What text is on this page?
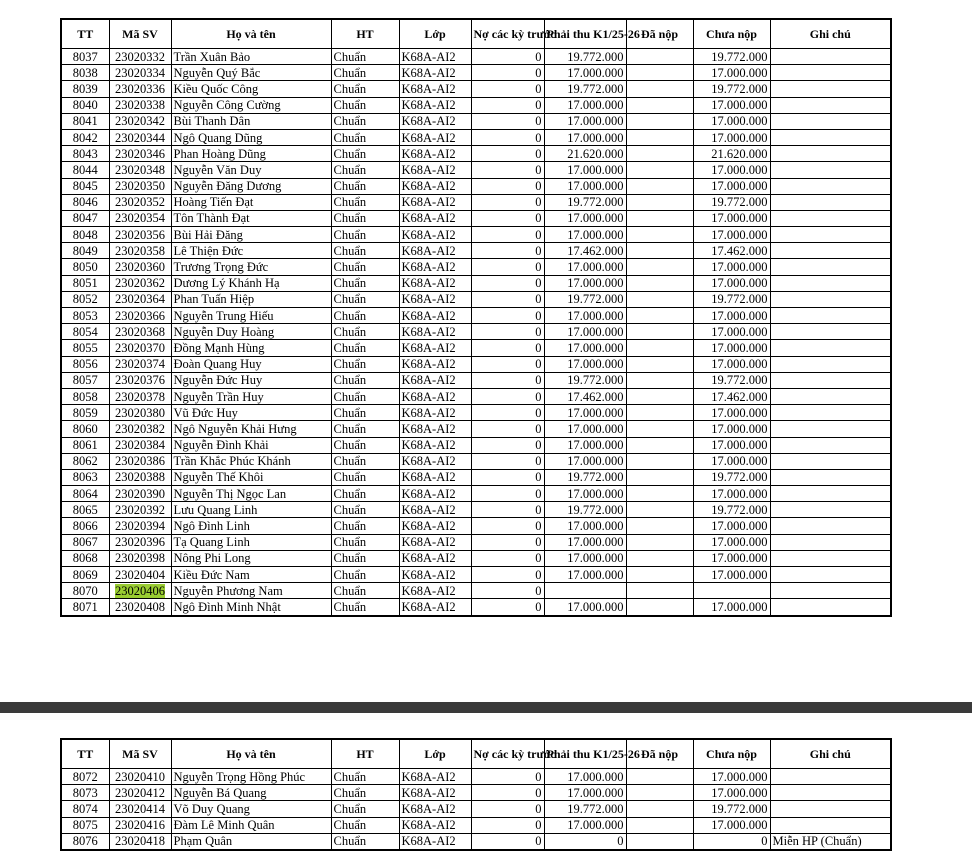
TT	Mã SV	Họ và tên	HT	Lớp	Nợ các kỳ trước	Phải thu K1/25-26	Đã nộp	Chưa nộp	Ghi chú
8037	23020332	Trần Xuân Bảo	Chuẩn	K68A-AI2	0	19.772.000		19.772.000	
8038	23020334	Nguyễn Quý Bắc	Chuẩn	K68A-AI2	0	17.000.000		17.000.000	
8039	23020336	Kiều Quốc Công	Chuẩn	K68A-AI2	0	19.772.000		19.772.000	
8040	23020338	Nguyễn Công Cường	Chuẩn	K68A-AI2	0	17.000.000		17.000.000	
8041	23020342	Bùi Thanh Dân	Chuẩn	K68A-AI2	0	17.000.000		17.000.000	
8042	23020344	Ngô Quang Dũng	Chuẩn	K68A-AI2	0	17.000.000		17.000.000	
8043	23020346	Phan Hoàng Dũng	Chuẩn	K68A-AI2	0	21.620.000		21.620.000	
8044	23020348	Nguyễn Văn Duy	Chuẩn	K68A-AI2	0	17.000.000		17.000.000	
8045	23020350	Nguyễn Đăng Dương	Chuẩn	K68A-AI2	0	17.000.000		17.000.000	
8046	23020352	Hoàng Tiến Đạt	Chuẩn	K68A-AI2	0	19.772.000		19.772.000	
8047	23020354	Tôn Thành Đạt	Chuẩn	K68A-AI2	0	17.000.000		17.000.000	
8048	23020356	Bùi Hải Đăng	Chuẩn	K68A-AI2	0	17.000.000		17.000.000	
8049	23020358	Lê Thiện Đức	Chuẩn	K68A-AI2	0	17.462.000		17.462.000	
8050	23020360	Trương Trọng Đức	Chuẩn	K68A-AI2	0	17.000.000		17.000.000	
8051	23020362	Dương Lý Khánh Hạ	Chuẩn	K68A-AI2	0	17.000.000		17.000.000	
8052	23020364	Phan Tuấn Hiệp	Chuẩn	K68A-AI2	0	19.772.000		19.772.000	
8053	23020366	Nguyễn Trung Hiếu	Chuẩn	K68A-AI2	0	17.000.000		17.000.000	
8054	23020368	Nguyễn Duy Hoàng	Chuẩn	K68A-AI2	0	17.000.000		17.000.000	
8055	23020370	Đồng Mạnh Hùng	Chuẩn	K68A-AI2	0	17.000.000		17.000.000	
8056	23020374	Đoàn Quang Huy	Chuẩn	K68A-AI2	0	17.000.000		17.000.000	
8057	23020376	Nguyễn Đức Huy	Chuẩn	K68A-AI2	0	19.772.000		19.772.000	
8058	23020378	Nguyễn Trần Huy	Chuẩn	K68A-AI2	0	17.462.000		17.462.000	
8059	23020380	Vũ Đức Huy	Chuẩn	K68A-AI2	0	17.000.000		17.000.000	
8060	23020382	Ngô Nguyễn Khải Hưng	Chuẩn	K68A-AI2	0	17.000.000		17.000.000	
8061	23020384	Nguyễn Đình Khải	Chuẩn	K68A-AI2	0	17.000.000		17.000.000	
8062	23020386	Trần Khắc Phúc Khánh	Chuẩn	K68A-AI2	0	17.000.000		17.000.000	
8063	23020388	Nguyễn Thế Khôi	Chuẩn	K68A-AI2	0	19.772.000		19.772.000	
8064	23020390	Nguyễn Thị Ngọc Lan	Chuẩn	K68A-AI2	0	17.000.000		17.000.000	
8065	23020392	Lưu Quang Linh	Chuẩn	K68A-AI2	0	19.772.000		19.772.000	
8066	23020394	Ngô Đình Linh	Chuẩn	K68A-AI2	0	17.000.000		17.000.000	
8067	23020396	Tạ Quang Linh	Chuẩn	K68A-AI2	0	17.000.000		17.000.000	
8068	23020398	Nông Phi Long	Chuẩn	K68A-AI2	0	17.000.000		17.000.000	
8069	23020404	Kiều Đức Nam	Chuẩn	K68A-AI2	0	17.000.000		17.000.000	
8070	23020406	Nguyễn Phương Nam	Chuẩn	K68A-AI2	0				
8071	23020408	Ngô Đình Minh Nhật	Chuẩn	K68A-AI2	0	17.000.000		17.000.000	
TT	Mã SV	Họ và tên	HT	Lớp	Nợ các kỳ trước	Phải thu K1/25-26	Đã nộp	Chưa nộp	Ghi chú
8072	23020410	Nguyễn Trọng Hồng Phúc	Chuẩn	K68A-AI2	0	17.000.000		17.000.000	
8073	23020412	Nguyễn Bá Quang	Chuẩn	K68A-AI2	0	17.000.000		17.000.000	
8074	23020414	Võ Duy Quang	Chuẩn	K68A-AI2	0	19.772.000		19.772.000	
8075	23020416	Đàm Lê Minh Quân	Chuẩn	K68A-AI2	0	17.000.000		17.000.000	
8076	23020418	Phạm Quân	Chuẩn	K68A-AI2	0	0		0	Miễn HP (Chuẩn)
